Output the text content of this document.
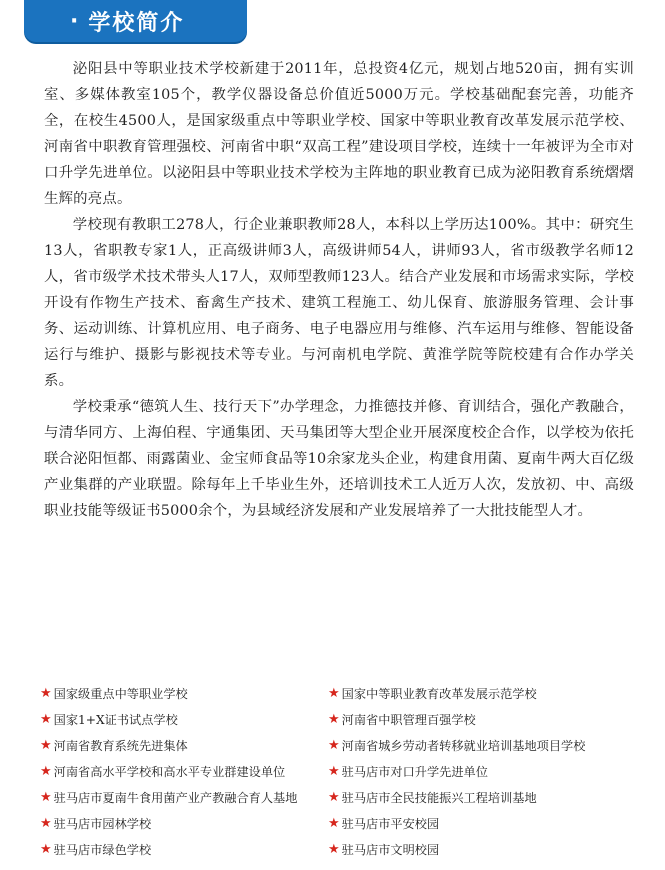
· 学校简介

泌阳县中等职业技术学校新建于2011年，总投资4亿元，规划占地520亩，拥有实训室、多媒体教室105个，教学仪器设备总价值近5000万元。学校基础配套完善，功能齐全，在校生4500人，是国家级重点中等职业学校、国家中等职业教育改革发展示范学校、河南省中职教育管理强校、河南省中职“双高工程”建设项目学校，连续十一年被评为全市对口升学先进单位。以泌阳县中等职业技术学校为主阵地的职业教育已成为泌阳教育系统熠熠生辉的亮点。

学校现有教职工278人，行企业兼职教师28人，本科以上学历达100%。其中：研究生13人，省职教专家1人，正高级讲师3人，高级讲师54人，讲师93人，省市级教学名师12人，省市级学术技术带头人17人，双师型教师123人。结合产业发展和市场需求实际，学校开设有作物生产技术、畜禽生产技术、建筑工程施工、幼儿保育、旅游服务管理、会计事务、运动训练、计算机应用、电子商务、电子电器应用与维修、汽车运用与维修、智能设备运行与维护、摄影与影视技术等专业。与河南机电学院、黄淮学院等院校建有合作办学关系。

学校秉承“德筑人生、技行天下”办学理念，力推德技并修、育训结合，强化产教融合，与清华同方、上海伯程、宇通集团、天马集团等大型企业开展深度校企合作，以学校为依托联合泌阳恒都、雨露菌业、金宝师食品等10余家龙头企业，构建食用菌、夏南牛两大百亿级产业集群的产业联盟。除每年上千毕业生外，还培训技术工人近万人次，发放初、中、高级职业技能等级证书5000余个，为县域经济发展和产业发展培养了一大批技能型人才。

★ 国家级重点中等职业学校	★ 国家中等职业教育改革发展示范学校
★ 国家1+X证书试点学校	★ 河南省中职管理百强学校
★ 河南省教育系统先进集体	★ 河南省城乡劳动者转移就业培训基地项目学校
★ 河南省高水平学校和高水平专业群建设单位	★ 驻马店市对口升学先进单位
★ 驻马店市夏南牛食用菌产业产教融合育人基地 ★ 驻马店市全民技能振兴工程培训基地
★ 驻马店市园林学校	★ 驻马店市平安校园
★ 驻马店市绿色学校	★ 驻马店市文明校园
